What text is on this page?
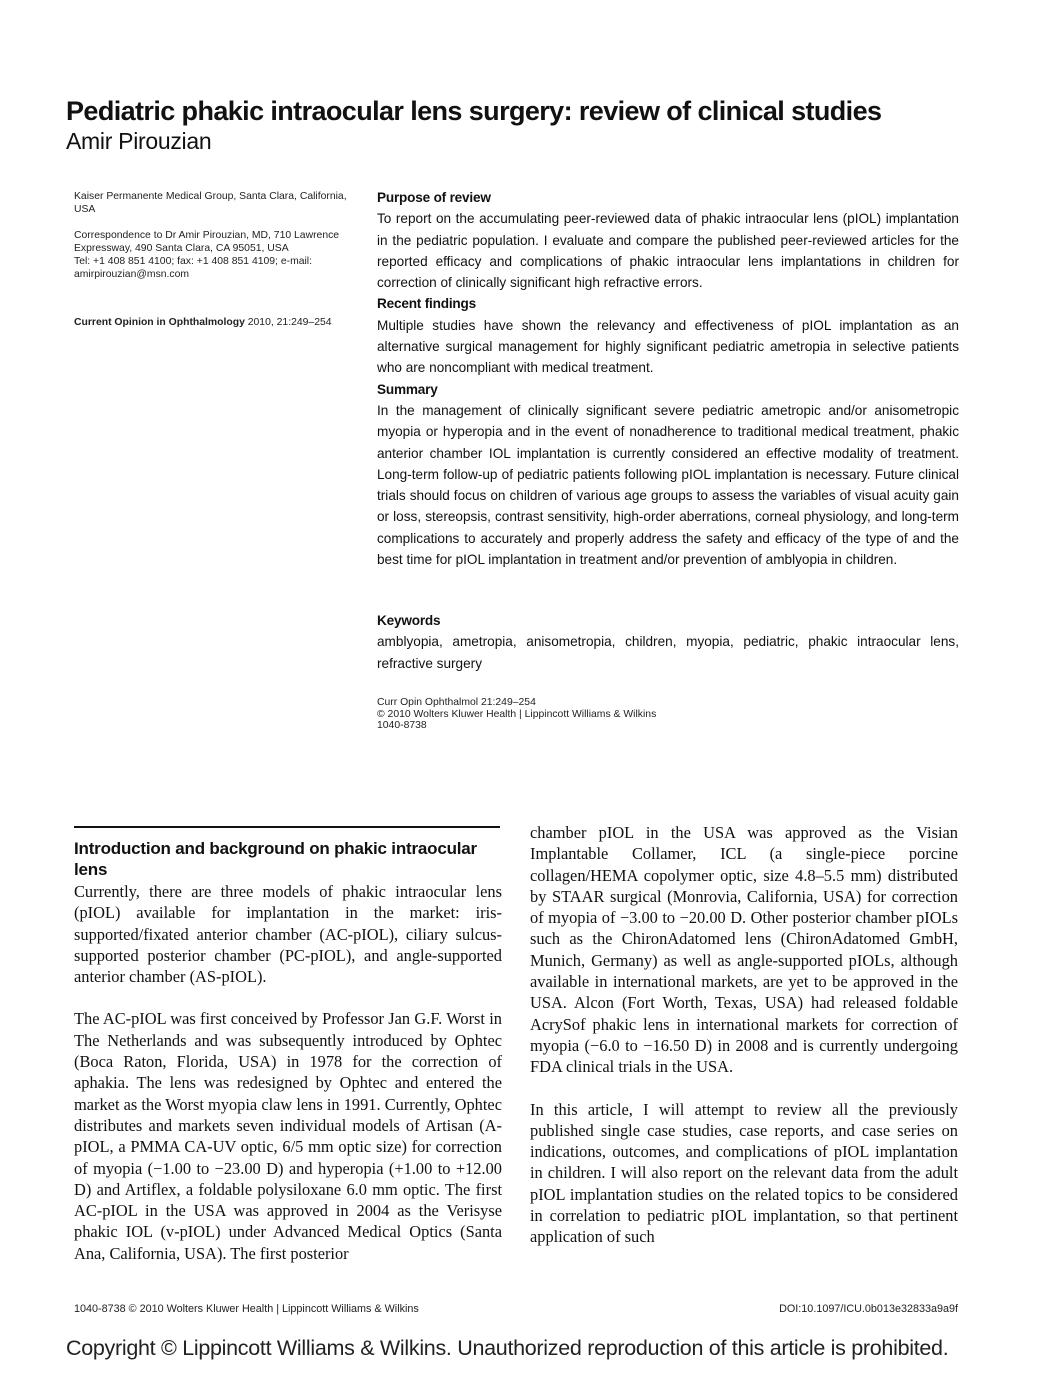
Pediatric phakic intraocular lens surgery: review of clinical studies
Amir Pirouzian
Kaiser Permanente Medical Group, Santa Clara, California, USA
Correspondence to Dr Amir Pirouzian, MD, 710 Lawrence Expressway, 490 Santa Clara, CA 95051, USA
Tel: +1 408 851 4100; fax: +1 408 851 4109; e-mail: amirpirouzian@msn.com
Current Opinion in Ophthalmology 2010, 21:249–254
Purpose of review

To report on the accumulating peer-reviewed data of phakic intraocular lens (pIOL) implantation in the pediatric population. I evaluate and compare the published peer-reviewed articles for the reported efficacy and complications of phakic intraocular lens implantations in children for correction of clinically significant high refractive errors.

Recent findings

Multiple studies have shown the relevancy and effectiveness of pIOL implantation as an alternative surgical management for highly significant pediatric ametropia in selective patients who are noncompliant with medical treatment.

Summary

In the management of clinically significant severe pediatric ametropic and/or anisometropic myopia or hyperopia and in the event of nonadherence to traditional medical treatment, phakic anterior chamber IOL implantation is currently considered an effective modality of treatment. Long-term follow-up of pediatric patients following pIOL implantation is necessary. Future clinical trials should focus on children of various age groups to assess the variables of visual acuity gain or loss, stereopsis, contrast sensitivity, high-order aberrations, corneal physiology, and long-term complications to accurately and properly address the safety and efficacy of the type of and the best time for pIOL implantation in treatment and/or prevention of amblyopia in children.

Keywords

amblyopia, ametropia, anisometropia, children, myopia, pediatric, phakic intraocular lens, refractive surgery

Curr Opin Ophthalmol 21:249–254
© 2010 Wolters Kluwer Health | Lippincott Williams & Wilkins
1040-8738
Introduction and background on phakic intraocular lens

Currently, there are three models of phakic intraocular lens (pIOL) available for implantation in the market: iris-supported/fixated anterior chamber (AC-pIOL), ciliary sulcus-supported posterior chamber (PC-pIOL), and angle-supported anterior chamber (AS-pIOL).

The AC-pIOL was first conceived by Professor Jan G.F. Worst in The Netherlands and was subsequently introduced by Ophtec (Boca Raton, Florida, USA) in 1978 for the correction of aphakia. The lens was redesigned by Ophtec and entered the market as the Worst myopia claw lens in 1991. Currently, Ophtec distributes and markets seven individual models of Artisan (A-pIOL, a PMMA CA-UV optic, 6/5 mm optic size) for correction of myopia (−1.00 to −23.00 D) and hyperopia (+1.00 to +12.00 D) and Artiflex, a foldable polysiloxane 6.0 mm optic. The first AC-pIOL in the USA was approved in 2004 as the Verisyse phakic IOL (v-pIOL) under Advanced Medical Optics (Santa Ana, California, USA). The first posterior

chamber pIOL in the USA was approved as the Visian Implantable Collamer, ICL (a single-piece porcine collagen/HEMA copolymer optic, size 4.8–5.5 mm) distributed by STAAR surgical (Monrovia, California, USA) for correction of myopia of −3.00 to −20.00 D. Other posterior chamber pIOLs such as the ChironAdatomed lens (ChironAdatomed GmbH, Munich, Germany) as well as angle-supported pIOLs, although available in international markets, are yet to be approved in the USA. Alcon (Fort Worth, Texas, USA) had released foldable AcrySof phakic lens in international markets for correction of myopia (−6.0 to −16.50 D) in 2008 and is currently undergoing FDA clinical trials in the USA.

In this article, I will attempt to review all the previously published single case studies, case reports, and case series on indications, outcomes, and complications of pIOL implantation in children. I will also report on the relevant data from the adult pIOL implantation studies on the related topics to be considered in correlation to pediatric pIOL implantation, so that pertinent application of such

1040-8738 © 2010 Wolters Kluwer Health | Lippincott Williams & Wilkins	DOI:10.1097/ICU.0b013e32833a9a9f
Copyright © Lippincott Williams & Wilkins. Unauthorized reproduction of this article is prohibited.
